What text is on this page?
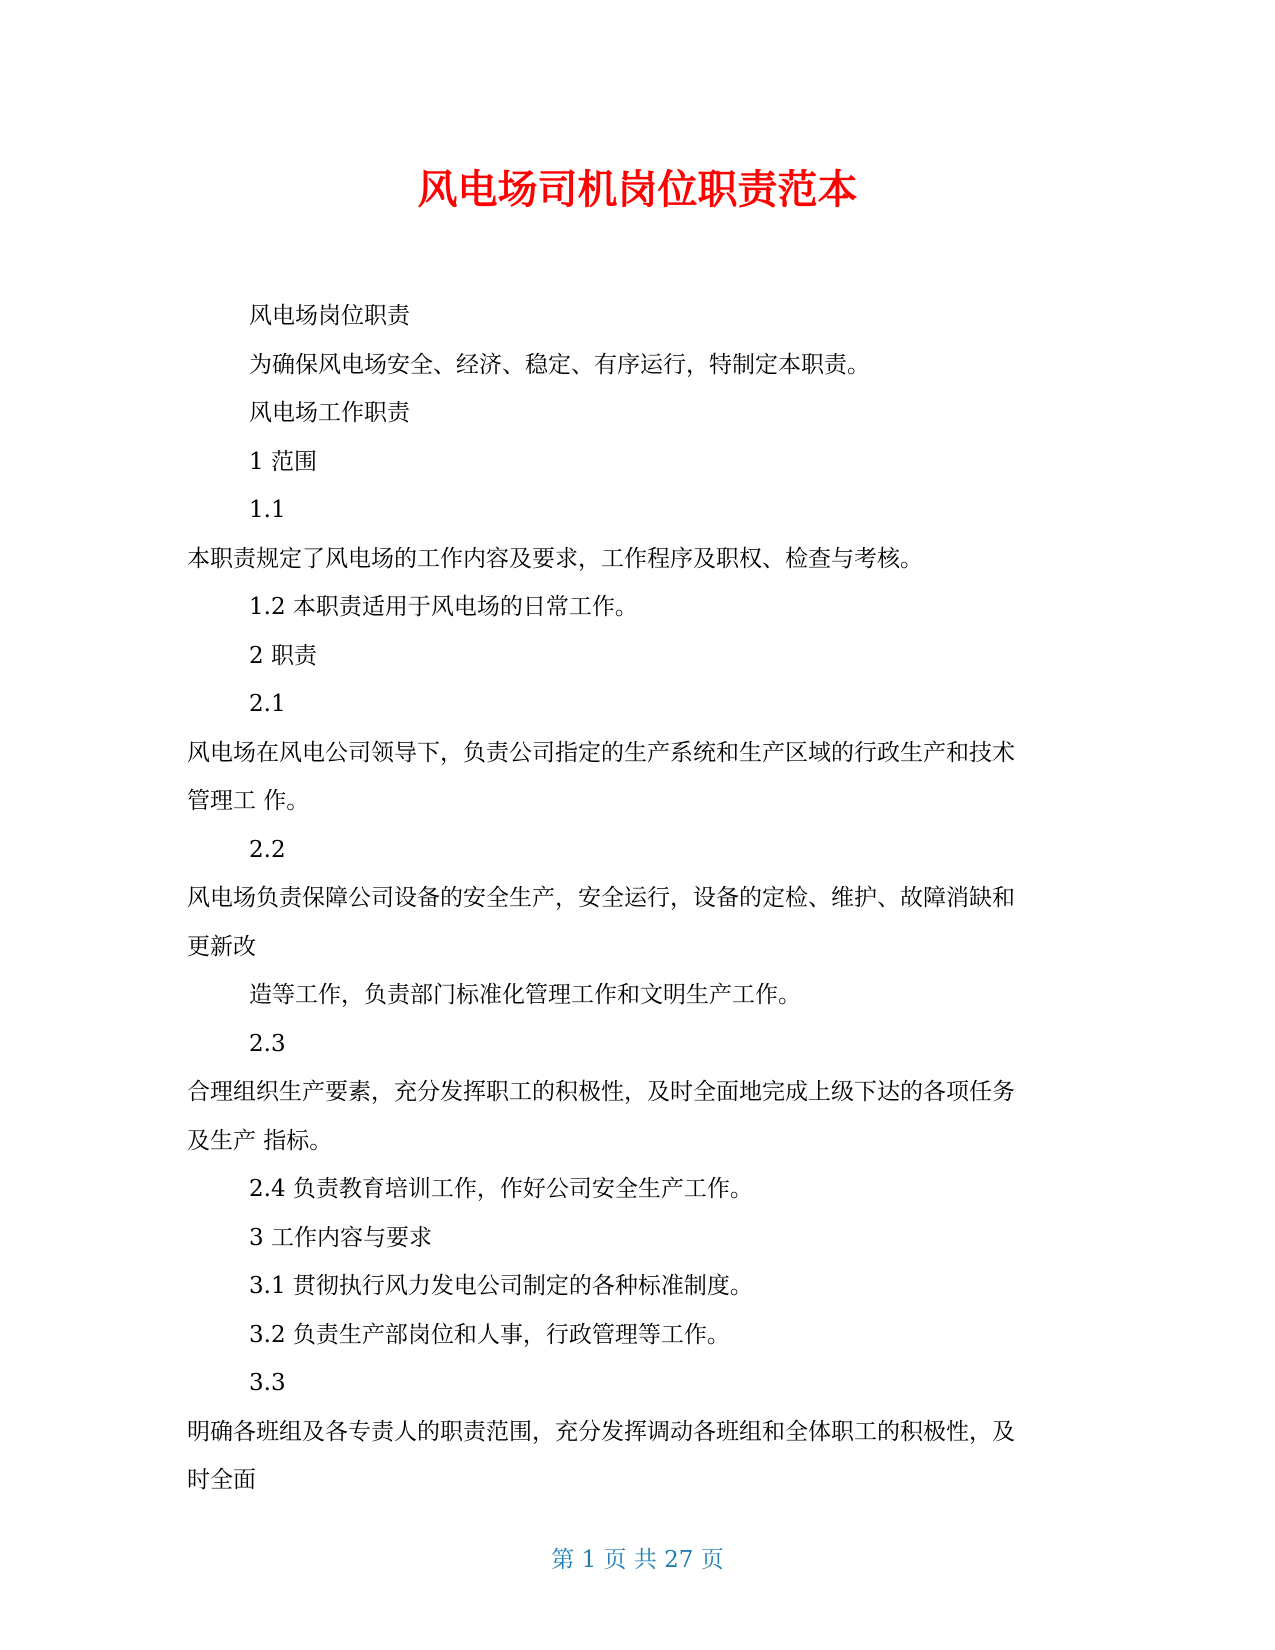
风电场司机岗位职责范本

风电场岗位职责

为确保风电场安全、经济、稳定、有序运行，特制定本职责。

风电场工作职责

1 范围

1.1

本职责规定了风电场的工作内容及要求，工作程序及职权、检查与考核。

1.2 本职责适用于风电场的日常工作。

2 职责

2.1

风电场在风电公司领导下，负责公司指定的生产系统和生产区域的行政生产和技术

管理工 作。

2.2

风电场负责保障公司设备的安全生产，安全运行，设备的定检、维护、故障消缺和

更新改

造等工作，负责部门标准化管理工作和文明生产工作。

2.3

合理组织生产要素，充分发挥职工的积极性，及时全面地完成上级下达的各项任务

及生产 指标。

2.4 负责教育培训工作，作好公司安全生产工作。

3 工作内容与要求

3.1 贯彻执行风力发电公司制定的各种标准制度。

3.2 负责生产部岗位和人事，行政管理等工作。

3.3

明确各班组及各专责人的职责范围，充分发挥调动各班组和全体职工的积极性，及

时全面

第 1 页 共 27 页
